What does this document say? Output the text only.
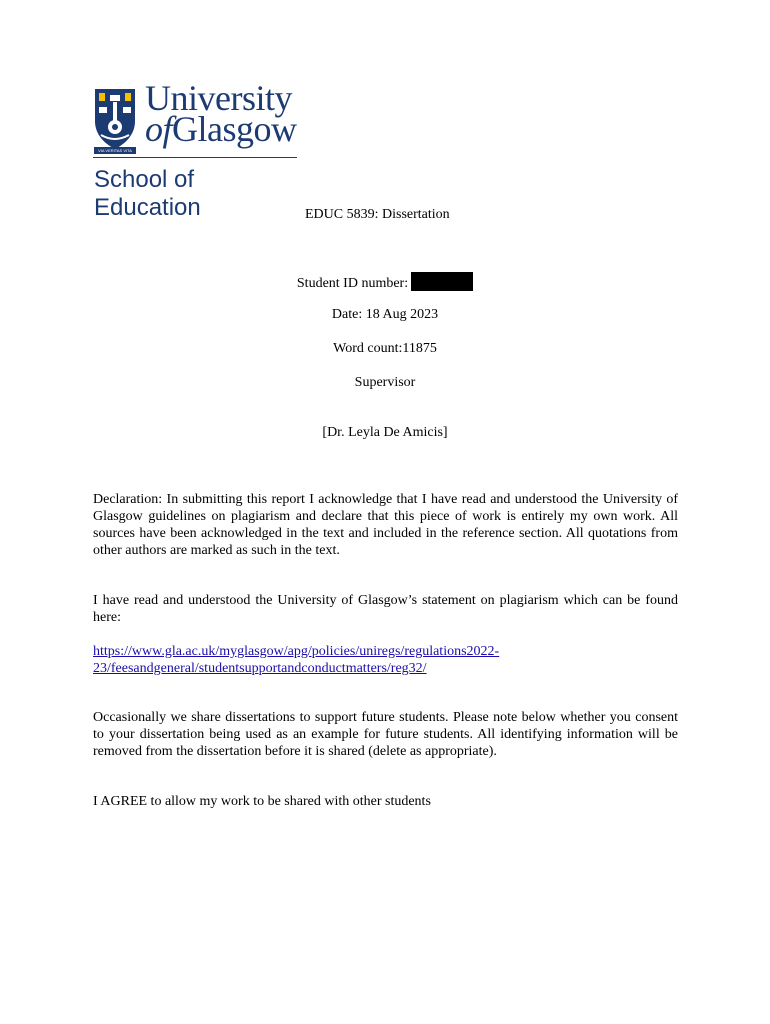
VIA VERITAS VITA
University
ofGlasgow
School of
Education	EDUC 5839: Dissertation
Student ID number:
Date: 18 Aug 2023
Word count:11875
Supervisor
[Dr. Leyla De Amicis]
Declaration: In submitting this report I acknowledge that I have read and understood the University of Glasgow guidelines on plagiarism and declare that this piece of work is entirely my own work. All sources have been acknowledged in the text and included in the reference section. All quotations from other authors are marked as such in the text.
I have read and understood the University of Glasgow’s statement on plagiarism which can be found here:
https://www.gla.ac.uk/myglasgow/apg/policies/uniregs/regulations2022-
23/feesandgeneral/studentsupportandconductmatters/reg32/
Occasionally we share dissertations to support future students. Please note below whether you consent to your dissertation being used as an example for future students. All identifying information will be removed from the dissertation before it is shared (delete as appropriate).
I AGREE to allow my work to be shared with other students
